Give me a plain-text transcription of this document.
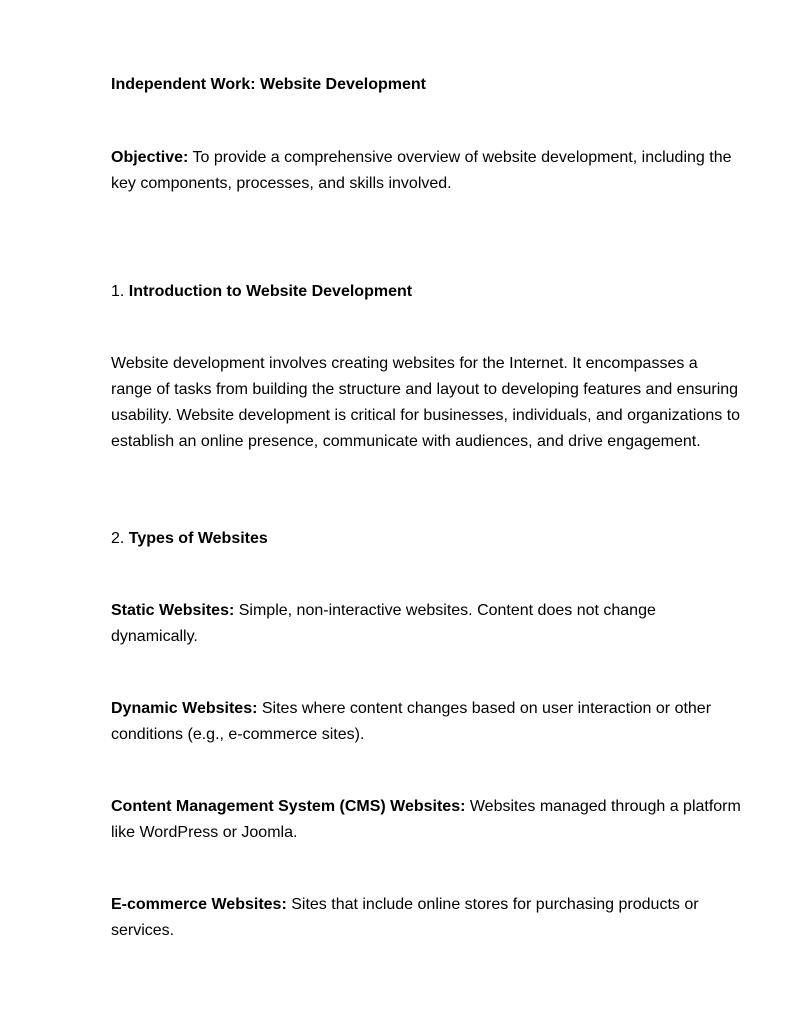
Independent Work: Website Development

Objective: To provide a comprehensive overview of website development, including the key components, processes, and skills involved.

1. Introduction to Website Development

Website development involves creating websites for the Internet. It encompasses a range of tasks from building the structure and layout to developing features and ensuring usability. Website development is critical for businesses, individuals, and organizations to establish an online presence, communicate with audiences, and drive engagement.

2. Types of Websites

Static Websites: Simple, non-interactive websites. Content does not change dynamically.

Dynamic Websites: Sites where content changes based on user interaction or other conditions (e.g., e-commerce sites).

Content Management System (CMS) Websites: Websites managed through a platform like WordPress or Joomla.

E-commerce Websites: Sites that include online stores for purchasing products or services.
